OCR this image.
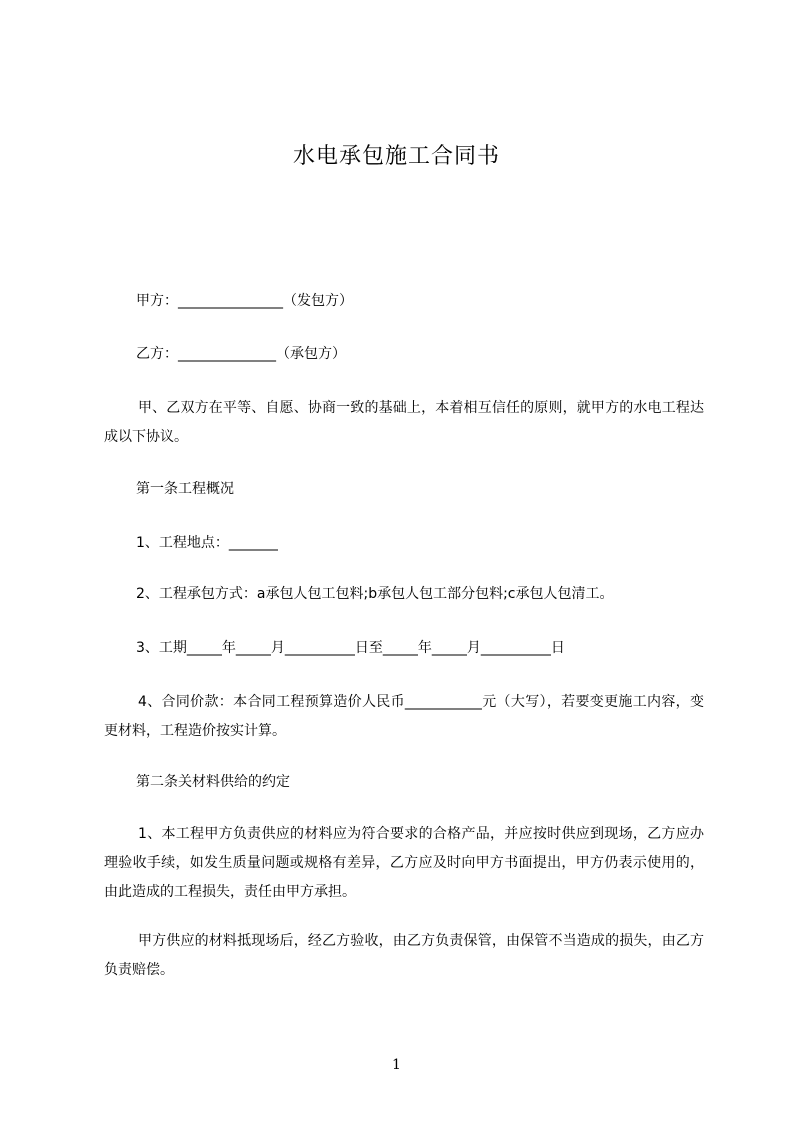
水电承包施工合同书
甲方：_______________（发包方）
乙方：______________（承包方）
甲、乙双方在平等、自愿、协商一致的基础上，本着相互信任的原则，就甲方的水电工程达成以下协议。
第一条工程概况
1、工程地点：_______
2、工程承包方式：a承包人包工包料;b承包人包工部分包料;c承包人包清工。
3、工期_____年_____月__________日至_____年_____月__________日
4、合同价款：本合同工程预算造价人民币___________元（大写），若要变更施工内容，变更材料，工程造价按实计算。
第二条关材料供给的约定
1、本工程甲方负责供应的材料应为符合要求的合格产品，并应按时供应到现场，乙方应办理验收手续，如发生质量问题或规格有差异，乙方应及时向甲方书面提出，甲方仍表示使用的，由此造成的工程损失，责任由甲方承担。
甲方供应的材料抵现场后，经乙方验收，由乙方负责保管，由保管不当造成的损失，由乙方负责赔偿。
1
